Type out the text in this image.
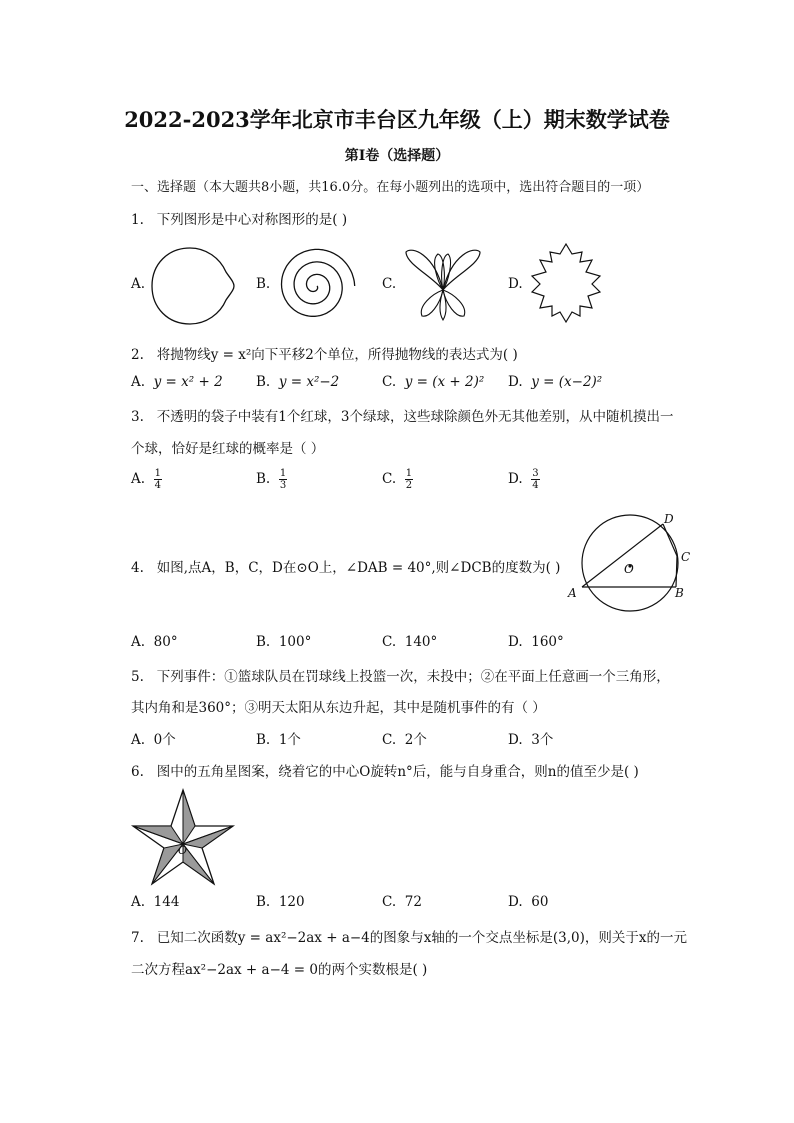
2022-2023学年北京市丰台区九年级（上）期末数学试卷
第Ⅰ卷（选择题）
一、选择题（本大题共8小题，共16.0分。在每小题列出的选项中，选出符合题目的一项）
1. 下列图形是中心对称图形的是( )
A.	B.	C.	D.
2. 将抛物线y = x²向下平移2个单位，所得抛物线的表达式为( )
A. y = x² + 2 B. y = x²−2	C. y = (x + 2)² D. y = (x−2)²
3. 不透明的袋子中装有1个红球，3个绿球，这些球除颜色外无其他差别，从中随机摸出一
个球，恰好是红球的概率是（ ）
A. $\frac{1}{4}$	B. $\frac{1}{3}$	C. $\frac{1}{2}$	D. $\frac{3}{4}$
4. 如图,点A，B，C，D在⊙O上，∠DAB = 40°,则∠DCB的度数为( )
A	B
C
D
O
A. 80°	B. 100°	C. 140°	D. 160°
5. 下列事件：①篮球队员在罚球线上投篮一次，未投中；②在平面上任意画一个三角形，
其内角和是360°；③明天太阳从东边升起，其中是随机事件的有（ ）
A. 0个	B. 1个	C. 2个	D. 3个
6. 图中的五角星图案，绕着它的中心O旋转n°后，能与自身重合，则n的值至少是( )
O
A. 144	B. 120	C. 72	D. 60
7. 已知二次函数y = ax²−2ax + a−4的图象与x轴的一个交点坐标是(3,0)，则关于x的一元
二次方程ax²−2ax + a−4 = 0的两个实数根是( )
